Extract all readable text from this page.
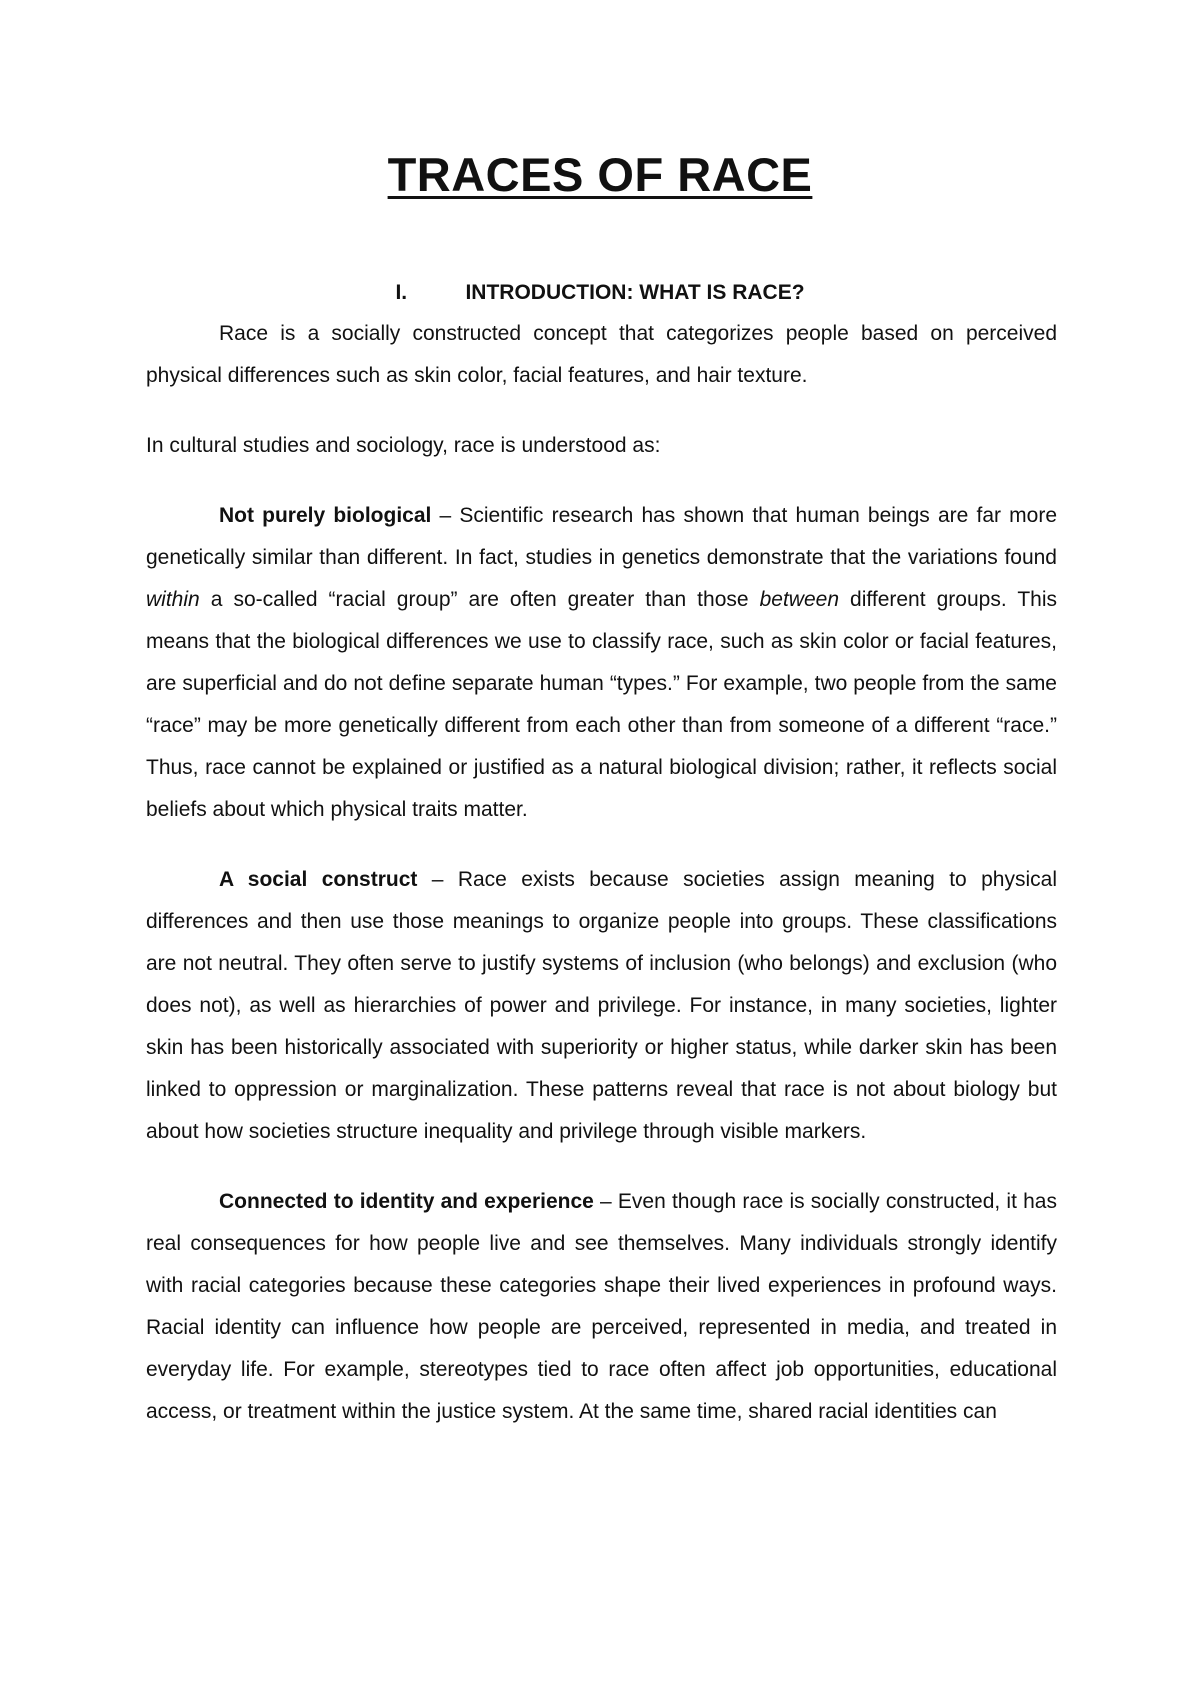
TRACES OF RACE
I.	INTRODUCTION: WHAT IS RACE?

Race is a socially constructed concept that categorizes people based on perceived physical differences such as skin color, facial features, and hair texture.

In cultural studies and sociology, race is understood as:

Not purely biological – Scientific research has shown that human beings are far more genetically similar than different. In fact, studies in genetics demonstrate that the variations found within a so-called “racial group” are often greater than those between different groups. This means that the biological differences we use to classify race, such as skin color or facial features, are superficial and do not define separate human “types.” For example, two people from the same “race” may be more genetically different from each other than from someone of a different “race.” Thus, race cannot be explained or justified as a natural biological division; rather, it reflects social beliefs about which physical traits matter.

A social construct – Race exists because societies assign meaning to physical differences and then use those meanings to organize people into groups. These classifications are not neutral. They often serve to justify systems of inclusion (who belongs) and exclusion (who does not), as well as hierarchies of power and privilege. For instance, in many societies, lighter skin has been historically associated with superiority or higher status, while darker skin has been linked to oppression or marginalization. These patterns reveal that race is not about biology but about how societies structure inequality and privilege through visible markers.

Connected to identity and experience – Even though race is socially constructed, it has real consequences for how people live and see themselves. Many individuals strongly identify with racial categories because these categories shape their lived experiences in profound ways. Racial identity can influence how people are perceived, represented in media, and treated in everyday life. For example, stereotypes tied to race often affect job opportunities, educational access, or treatment within the justice system. At the same time, shared racial identities can
